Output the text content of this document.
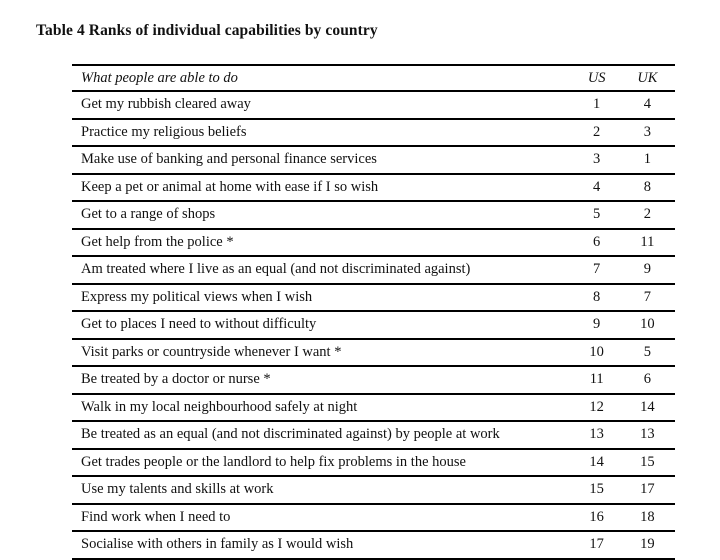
Table 4 Ranks of individual capabilities by country
What people are able to do	US	UK
Get my rubbish cleared away	1	4
Practice my religious beliefs	2	3
Make use of banking and personal finance services	3	1
Keep a pet or animal at home with ease if I so wish	4	8
Get to a range of shops	5	2
Get help from the police *	6	11
Am treated where I live as an equal (and not discriminated against)	7	9
Express my political views when I wish	8	7
Get to places I need to without difficulty	9	10
Visit parks or countryside whenever I want *	10	5
Be treated by a doctor or nurse *	11	6
Walk in my local neighbourhood safely at night	12	14
Be treated as an equal (and not discriminated against) by people at work	13	13
Get trades people or the landlord to help fix problems in the house	14	15
Use my talents and skills at work	15	17
Find work when I need to	16	18
Socialise with others in family as I would wish	17	19
